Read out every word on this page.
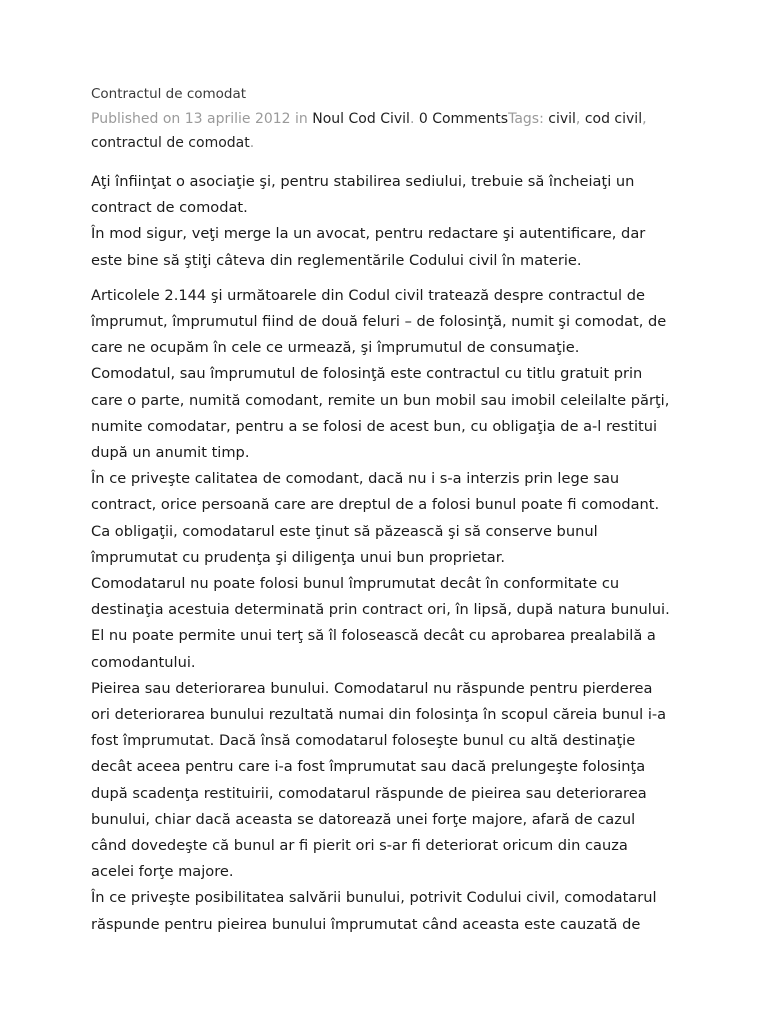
Contractul de comodat
Published on 13 aprilie 2012 in Noul Cod Civil. 0 CommentsTags: civil, cod civil, contractul de comodat.

Aţi înfiinţat o asociaţie şi, pentru stabilirea sediului, trebuie să încheiaţi un contract de comodat.
În mod sigur, veţi merge la un avocat, pentru redactare şi autentificare, dar este bine să ştiţi câteva din reglementările Codului civil în materie.

Articolele 2.144 şi următoarele din Codul civil tratează despre contractul de împrumut, împrumutul fiind de două feluri – de folosinţă, numit şi comodat, de care ne ocupăm în cele ce urmează, şi împrumutul de consumaţie.
Comodatul, sau împrumutul de folosinţă este contractul cu titlu gratuit prin care o parte, numită comodant, remite un bun mobil sau imobil celeilalte părţi, numite comodatar, pentru a se folosi de acest bun, cu obligaţia de a-l restitui după un anumit timp.
În ce priveşte calitatea de comodant, dacă nu i s-a interzis prin lege sau contract, orice persoană care are dreptul de a folosi bunul poate fi comodant.
Ca obligaţii, comodatarul este ţinut să păzească şi să conserve bunul împrumutat cu prudenţa şi diligenţa unui bun proprietar.
Comodatarul nu poate folosi bunul împrumutat decât în conformitate cu destinaţia acestuia determinată prin contract ori, în lipsă, după natura bunului. El nu poate permite unui terţ să îl folosească decât cu aprobarea prealabilă a comodantului.
Pieirea sau deteriorarea bunului. Comodatarul nu răspunde pentru pierderea ori deteriorarea bunului rezultată numai din folosinţa în scopul căreia bunul i-a fost împrumutat. Dacă însă comodatarul foloseşte bunul cu altă destinaţie decât aceea pentru care i-a fost împrumutat sau dacă prelungeşte folosinţa după scadenţa restituirii, comodatarul răspunde de pieirea sau deteriorarea bunului, chiar dacă aceasta se datorează unei forţe majore, afară de cazul când dovedeşte că bunul ar fi pierit ori s-ar fi deteriorat oricum din cauza acelei forţe majore.
În ce priveşte posibilitatea salvării bunului, potrivit Codului civil, comodatarul răspunde pentru pieirea bunului împrumutat când aceasta este cauzată de
